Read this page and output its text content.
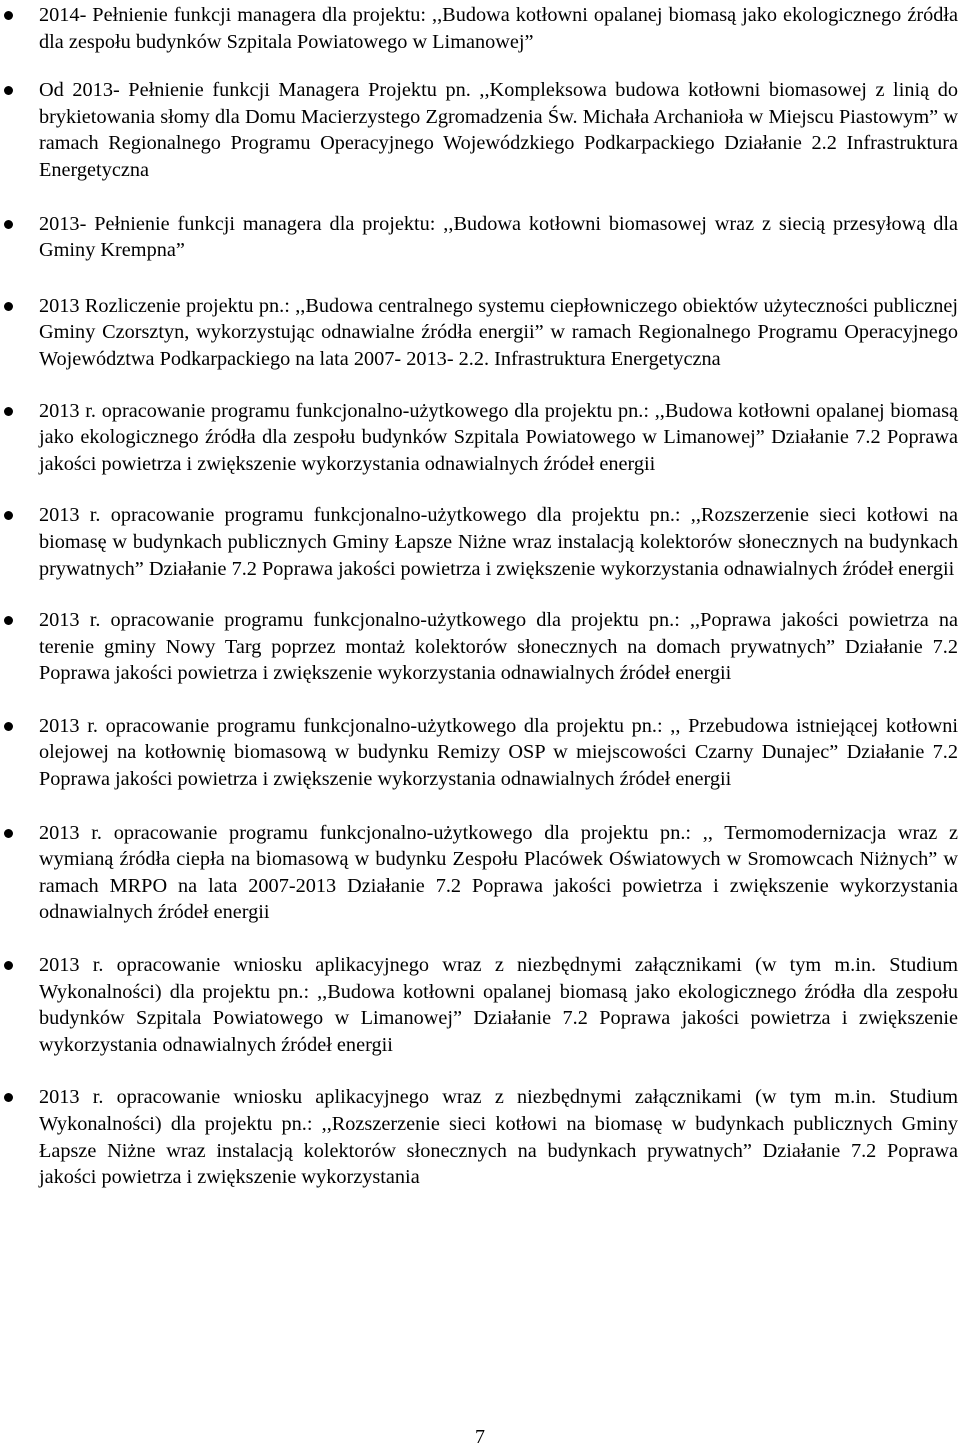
2014- Pełnienie funkcji managera dla projektu: ,,Budowa kotłowni opalanej biomasą jako ekologicznego źródła dla zespołu budynków Szpitala Powiatowego w Limanowej”
Od 2013- Pełnienie funkcji Managera Projektu pn. ,,Kompleksowa budowa kotłowni biomasowej z linią do brykietowania słomy dla Domu Macierzystego Zgromadzenia Św. Michała Archanioła w Miejscu Piastowym” w ramach Regionalnego Programu Operacyjnego Wojewódzkiego Podkarpackiego Działanie 2.2 Infrastruktura Energetyczna
2013- Pełnienie funkcji managera dla projektu: ,,Budowa kotłowni biomasowej wraz z siecią przesyłową dla Gminy Krempna”
2013 Rozliczenie projektu pn.: ,,Budowa centralnego systemu ciepłowniczego obiektów użyteczności publicznej Gminy Czorsztyn, wykorzystując odnawialne źródła energii” w ramach Regionalnego Programu Operacyjnego Województwa Podkarpackiego na lata 2007- 2013- 2.2. Infrastruktura Energetyczna
2013 r. opracowanie programu funkcjonalno-użytkowego dla projektu pn.: ,,Budowa kotłowni opalanej biomasą jako ekologicznego źródła dla zespołu budynków Szpitala Powiatowego w Limanowej” Działanie 7.2 Poprawa jakości powietrza i zwiększenie wykorzystania odnawialnych źródeł energii
2013 r. opracowanie programu funkcjonalno-użytkowego dla projektu pn.: ,,Rozszerzenie sieci kotłowi na biomasę w budynkach publicznych Gminy Łapsze Niżne wraz instalacją kolektorów słonecznych na budynkach prywatnych” Działanie 7.2 Poprawa jakości powietrza i zwiększenie wykorzystania odnawialnych źródeł energii
2013 r. opracowanie programu funkcjonalno-użytkowego dla projektu pn.: ,,Poprawa jakości powietrza na terenie gminy Nowy Targ poprzez montaż kolektorów słonecznych na domach prywatnych” Działanie 7.2 Poprawa jakości powietrza i zwiększenie wykorzystania odnawialnych źródeł energii
2013 r. opracowanie programu funkcjonalno-użytkowego dla projektu pn.: ,, Przebudowa istniejącej kotłowni olejowej na kotłownię biomasową w budynku Remizy OSP w miejscowości Czarny Dunajec” Działanie 7.2 Poprawa jakości powietrza i zwiększenie wykorzystania odnawialnych źródeł energii
2013 r. opracowanie programu funkcjonalno-użytkowego dla projektu pn.: ,, Termomodernizacja wraz z wymianą źródła ciepła na biomasową w budynku Zespołu Placówek Oświatowych w Sromowcach Niżnych” w ramach MRPO na lata 2007-2013 Działanie 7.2 Poprawa jakości powietrza i zwiększenie wykorzystania odnawialnych źródeł energii
2013 r. opracowanie wniosku aplikacyjnego wraz z niezbędnymi załącznikami (w tym m.in. Studium Wykonalności) dla projektu pn.: ,,Budowa kotłowni opalanej biomasą jako ekologicznego źródła dla zespołu budynków Szpitala Powiatowego w Limanowej” Działanie 7.2 Poprawa jakości powietrza i zwiększenie wykorzystania odnawialnych źródeł energii
2013 r. opracowanie wniosku aplikacyjnego wraz z niezbędnymi załącznikami (w tym m.in. Studium Wykonalności) dla projektu pn.: ,,Rozszerzenie sieci kotłowi na biomasę w budynkach publicznych Gminy Łapsze Niżne wraz instalacją kolektorów słonecznych na budynkach prywatnych” Działanie 7.2 Poprawa jakości powietrza i zwiększenie wykorzystania
7
